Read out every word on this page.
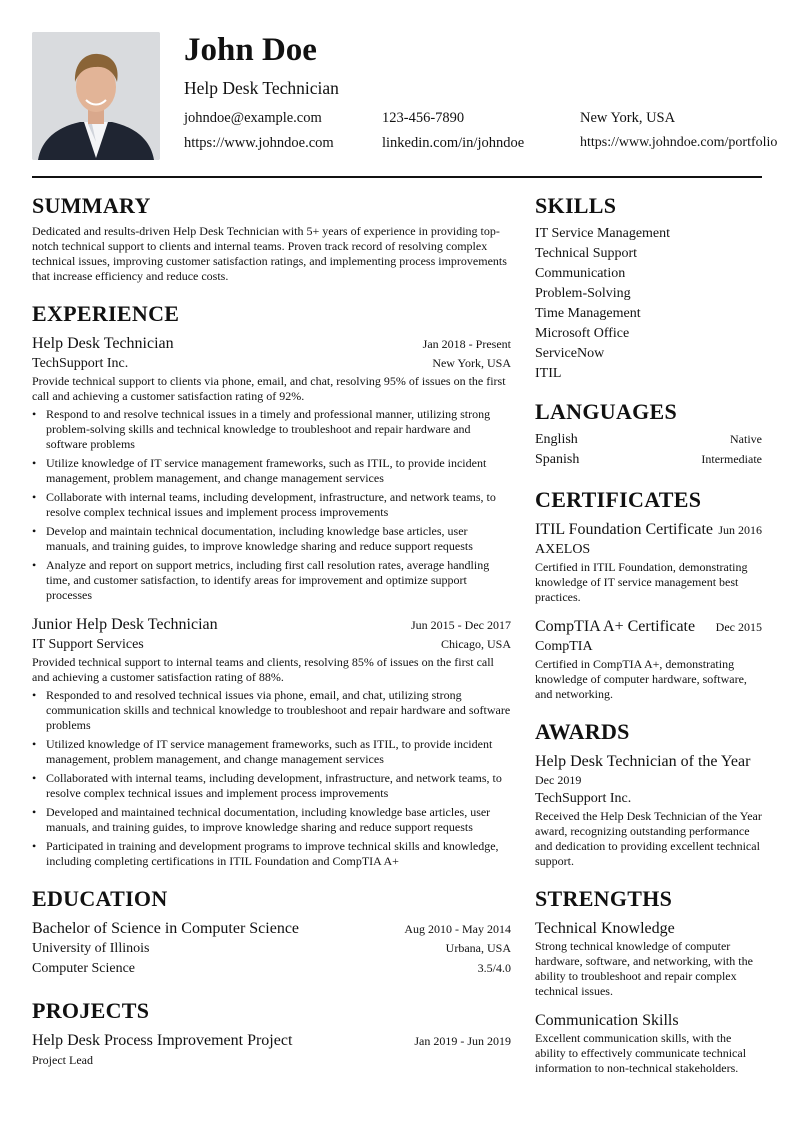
John Doe
Help Desk Technician
johndoe@example.com	123-456-7890	New York, USA
https://www.johndoe.com	linkedin.com/in/johndoe	https://www.johndoe.com/portfolio
SUMMARY

Dedicated and results-driven Help Desk Technician with 5+ years of experience in providing top-notch technical support to clients and internal teams. Proven track record of resolving complex technical issues, improving customer satisfaction ratings, and implementing process improvements that increase efficiency and reduce costs.

EXPERIENCE
Help Desk Technician	Jan 2018 - Present
TechSupport Inc.	New York, USA

Provide technical support to clients via phone, email, and chat, resolving 95% of issues on the first call and achieving a customer satisfaction rating of 92%.

• Respond to and resolve technical issues in a timely and professional manner, utilizing strong problem-solving skills and technical knowledge to troubleshoot and repair hardware and software problems
• Utilize knowledge of IT service management frameworks, such as ITIL, to provide incident management, problem management, and change management services
• Collaborate with internal teams, including development, infrastructure, and network teams, to resolve complex technical issues and implement process improvements
• Develop and maintain technical documentation, including knowledge base articles, user manuals, and training guides, to improve knowledge sharing and reduce support requests
• Analyze and report on support metrics, including first call resolution rates, average handling time, and customer satisfaction, to identify areas for improvement and optimize support processes
Junior Help Desk Technician	Jun 2015 - Dec 2017
IT Support Services	Chicago, USA

Provided technical support to internal teams and clients, resolving 85% of issues on the first call and achieving a customer satisfaction rating of 88%.

• Responded to and resolved technical issues via phone, email, and chat, utilizing strong communication skills and technical knowledge to troubleshoot and repair hardware and software problems
• Utilized knowledge of IT service management frameworks, such as ITIL, to provide incident management, problem management, and change management services
• Collaborated with internal teams, including development, infrastructure, and network teams, to resolve complex technical issues and implement process improvements
• Developed and maintained technical documentation, including knowledge base articles, user manuals, and training guides, to improve knowledge sharing and reduce support requests
• Participated in training and development programs to improve technical skills and knowledge, including completing certifications in ITIL Foundation and CompTIA A+
EDUCATION
Bachelor of Science in Computer Science	Aug 2010 - May 2014
University of Illinois	Urbana, USA
Computer Science	3.5/4.0
PROJECTS
Help Desk Process Improvement Project	Jan 2019 - Jun 2019
Project Lead
SKILLS
IT Service Management
Technical Support
Communication
Problem-Solving
Time Management
Microsoft Office
ServiceNow
ITIL
LANGUAGES
English	Native
Spanish	Intermediate
CERTIFICATES
ITIL Foundation Certificate Jun 2016
AXELOS

Certified in ITIL Foundation, demonstrating knowledge of IT service management best practices.

CompTIA A+ Certificate Dec 2015
CompTIA

Certified in CompTIA A+, demonstrating knowledge of computer hardware, software, and networking.

AWARDS
Help Desk Technician of the Year
Dec 2019
TechSupport Inc.

Received the Help Desk Technician of the Year award, recognizing outstanding performance and dedication to providing excellent technical support.

STRENGTHS
Technical Knowledge

Strong technical knowledge of computer hardware, software, and networking, with the ability to troubleshoot and repair complex technical issues.

Communication Skills

Excellent communication skills, with the ability to effectively communicate technical information to non-technical stakeholders.
